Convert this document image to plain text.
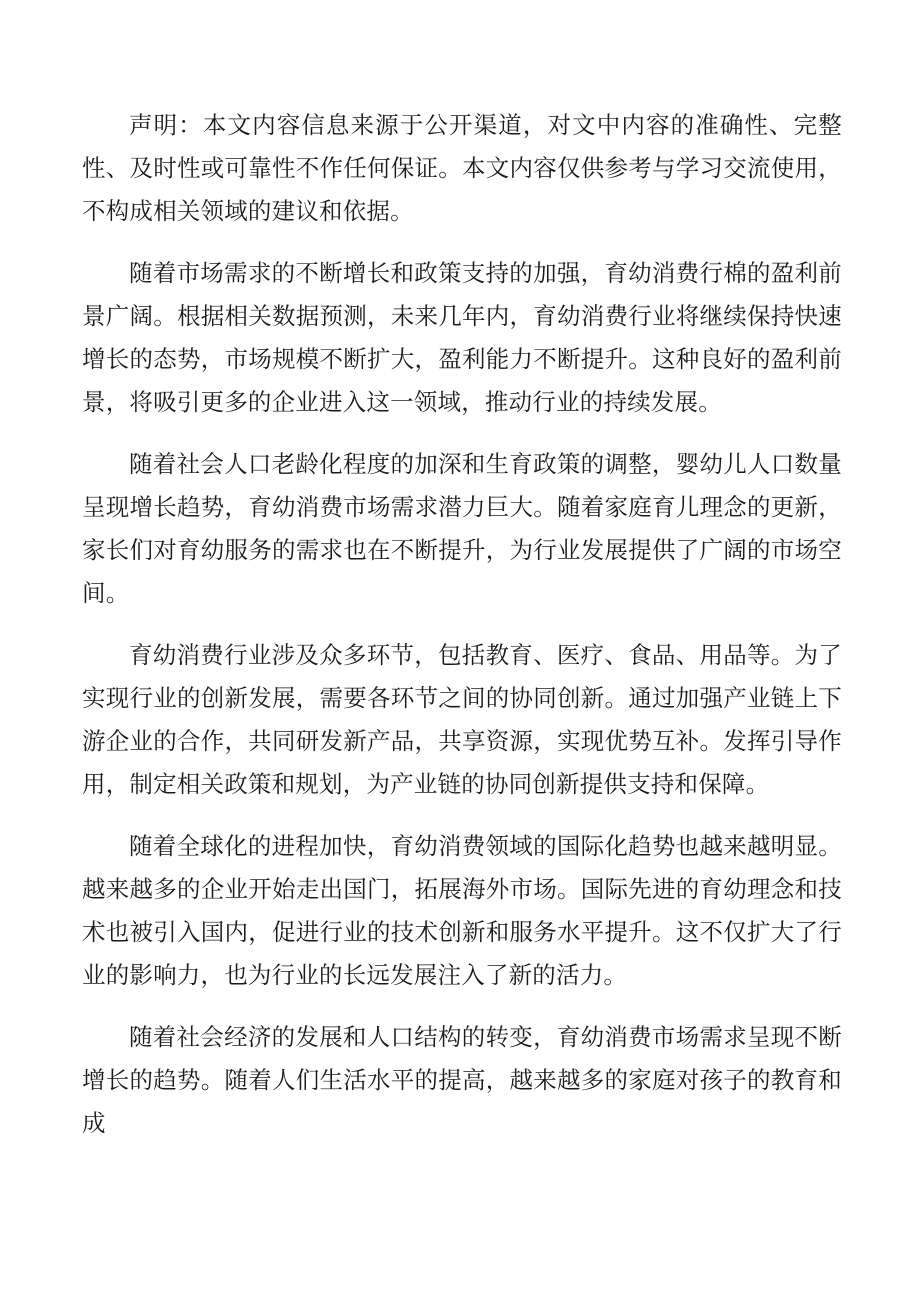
声明：本文内容信息来源于公开渠道，对文中内容的准确性、完整性、及时性或可靠性不作任何保证。本文内容仅供参考与学习交流使用，不构成相关领域的建议和依据。

随着市场需求的不断增长和政策支持的加强，育幼消费行棉的盈利前景广阔。根据相关数据预测，未来几年内，育幼消费行业将继续保持快速增长的态势，市场规模不断扩大，盈利能力不断提升。这种良好的盈利前景，将吸引更多的企业进入这一领域，推动行业的持续发展。

随着社会人口老龄化程度的加深和生育政策的调整，婴幼儿人口数量呈现增长趋势，育幼消费市场需求潜力巨大。随着家庭育儿理念的更新，家长们对育幼服务的需求也在不断提升，为行业发展提供了广阔的市场空间。

育幼消费行业涉及众多环节，包括教育、医疗、食品、用品等。为了实现行业的创新发展，需要各环节之间的协同创新。通过加强产业链上下游企业的合作，共同研发新产品，共享资源，实现优势互补。发挥引导作用，制定相关政策和规划，为产业链的协同创新提供支持和保障。

随着全球化的进程加快，育幼消费领域的国际化趋势也越来越明显。越来越多的企业开始走出国门，拓展海外市场。国际先进的育幼理念和技术也被引入国内，促进行业的技术创新和服务水平提升。这不仅扩大了行业的影响力，也为行业的长远发展注入了新的活力。

随着社会经济的发展和人口结构的转变，育幼消费市场需求呈现不断增长的趋势。随着人们生活水平的提高，越来越多的家庭对孩子的教育和成
